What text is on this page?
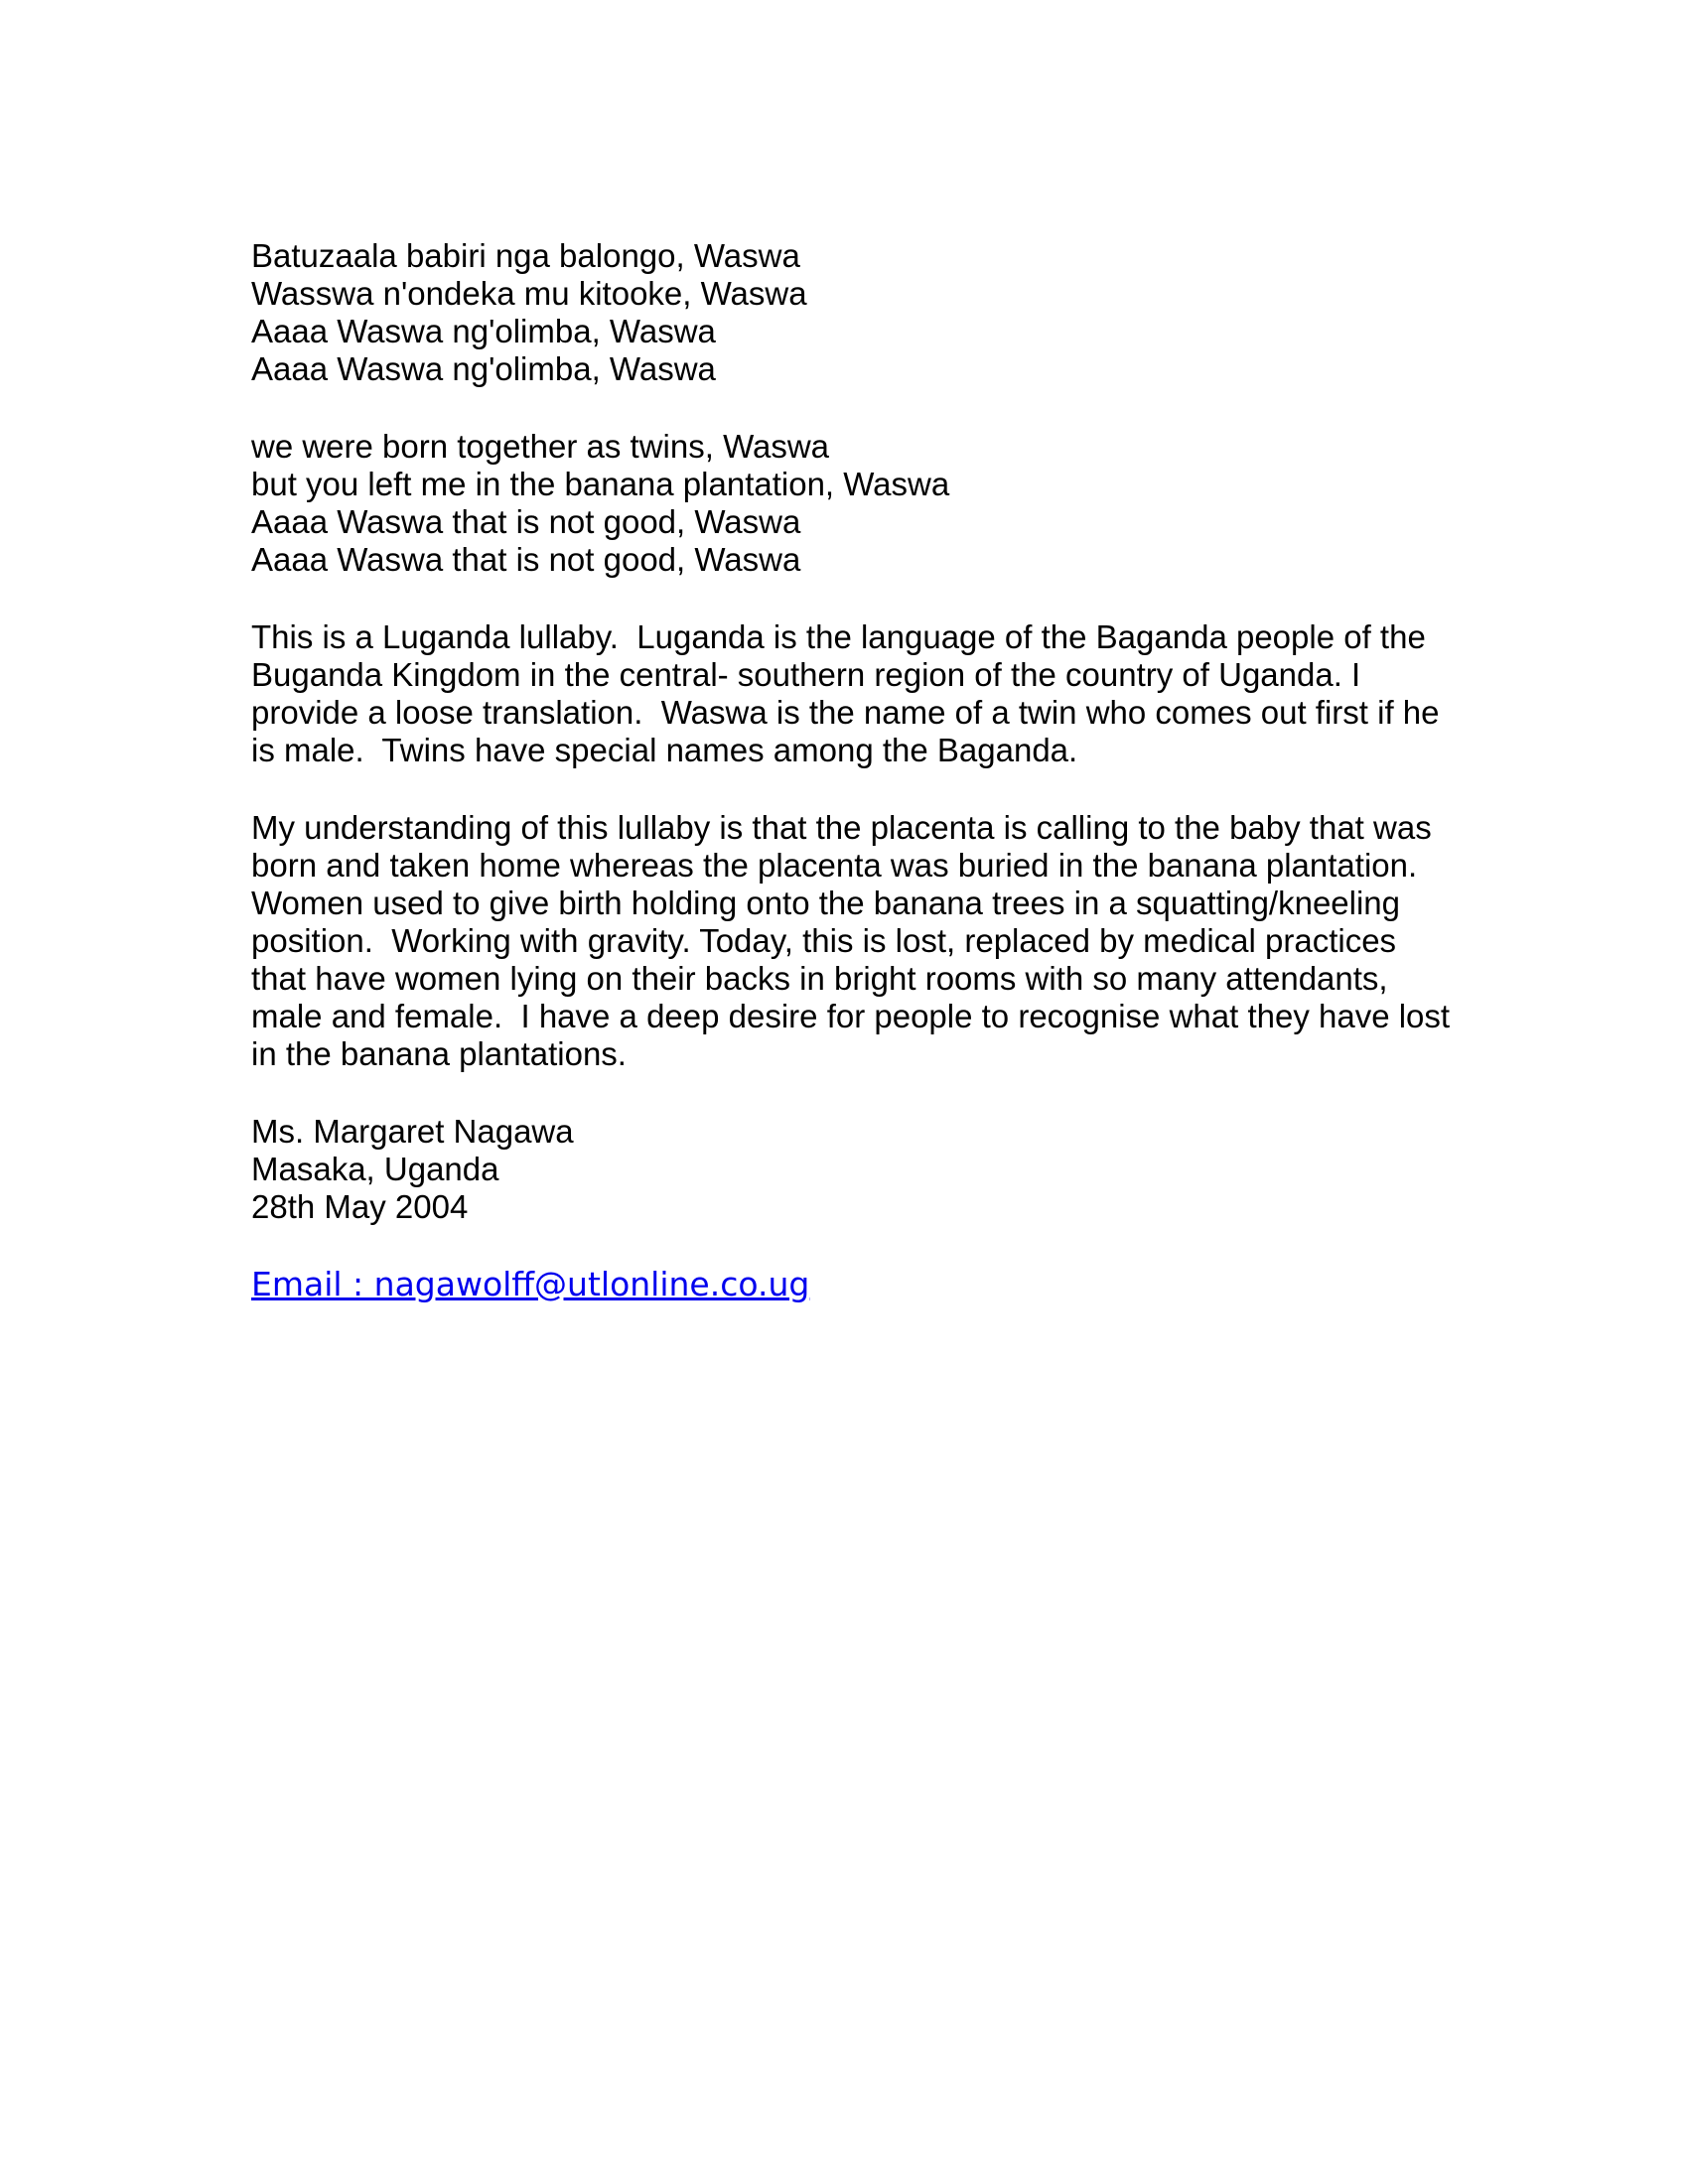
Batuzaala babiri nga balongo, Waswa
Wasswa n'ondeka mu kitooke, Waswa
Aaaa Waswa ng'olimba, Waswa
Aaaa Waswa ng'olimba, Waswa
we were born together as twins, Waswa
but you left me in the banana plantation, Waswa
Aaaa Waswa that is not good, Waswa
Aaaa Waswa that is not good, Waswa

This is a Luganda lullaby.  Luganda is the language of the Baganda people of the Buganda Kingdom in the central- southern region of the country of Uganda. I provide a loose translation.  Waswa is the name of a twin who comes out first if he is male.  Twins have special names among the Baganda.

My understanding of this lullaby is that the placenta is calling to the baby that was born and taken home whereas the placenta was buried in the banana plantation.  Women used to give birth holding onto the banana trees in a squatting/kneeling position.  Working with gravity. Today, this is lost, replaced by medical practices that have women lying on their backs in bright rooms with so many attendants, male and female.  I have a deep desire for people to recognise what they have lost in the banana plantations.

Ms. Margaret Nagawa
Masaka, Uganda
28th May 2004
Email : nagawolff@utlonline.co.ug
